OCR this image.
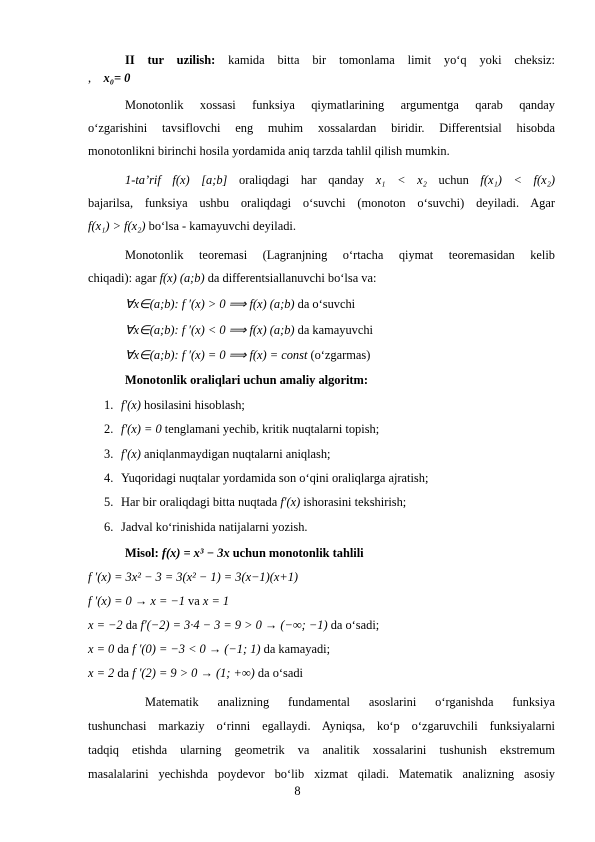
II tur uzilish: kamida bitta bir tomonlama limit yo‘q yoki cheksiz:
, x₀= 0
Monotonlik xossasi funksiya qiymatlarining argumentga qarab qanday
o‘zgarishini tavsiflovchi eng muhim xossalardan biridir. Differentsial hisobda
monotonlikni birinchi hosila yordamida aniq tarzda tahlil qilish mumkin.
1-ta’rif f(x) [a;b] oraliqdagi har qanday x₁ < x₂ uchun f(x₁) < f(x₂)
bajarilsa, funksiya ushbu oraliqdagi o‘suvchi (monoton o‘suvchi) deyiladi. Agar
f(x₁) > f(x₂) bo‘lsa - kamayuvchi deyiladi.
Monotonlik teoremasi (Lagranjning o‘rtacha qiymat teoremasidan kelib
chiqadi): agar f(x) (a;b) da differentsiallanuvchi bo‘lsa va:
∀x∈(a;b): f ′(x) > 0 ⟹ f(x) (a;b) da o‘suvchi
∀x∈(a;b): f ′(x) < 0 ⟹ f(x) (a;b) da kamayuvchi
∀x∈(a;b): f ′(x) = 0 ⟹ f(x) = const (o‘zgarmas)
Monotonlik oraliqlari uchun amaliy algoritm:
1. f′(x) hosilasini hisoblash;
2. f′(x) = 0 tenglamani yechib, kritik nuqtalarni topish;
3. f′(x) aniqlanmaydigan nuqtalarni aniqlash;
4. Yuqoridagi nuqtalar yordamida son o‘qini oraliqlarga ajratish;
5. Har bir oraliqdagi bitta nuqtada f′(x) ishorasini tekshirish;
6. Jadval ko‘rinishida natijalarni yozish.
Misol: f(x) = x³ − 3x uchun monotonlik tahlili
f ′(x) = 3x² − 3 = 3(x² − 1) = 3(x−1)(x+1)
f ′(x) = 0 → x = −1 va x = 1
x = −2 da f′(−2) = 3·4 − 3 = 9 > 0 → (−∞; −1) da o‘sadi;
x = 0 da f ′(0) = −3 < 0 → (−1; 1) da kamayadi;
x = 2 da f ′(2) = 9 > 0 → (1; +∞) da o‘sadi
Matematik analizning fundamental asoslarini o‘rganishda funksiya
tushunchasi markaziy o‘rinni egallaydi. Ayniqsa, ko‘p o‘zgaruvchili funksiyalarni
tadqiq etishda ularning geometrik va analitik xossalarini tushunish ekstremum
masalalarini yechishda poydevor bo‘lib xizmat qiladi. Matematik analizning asosiy
8
